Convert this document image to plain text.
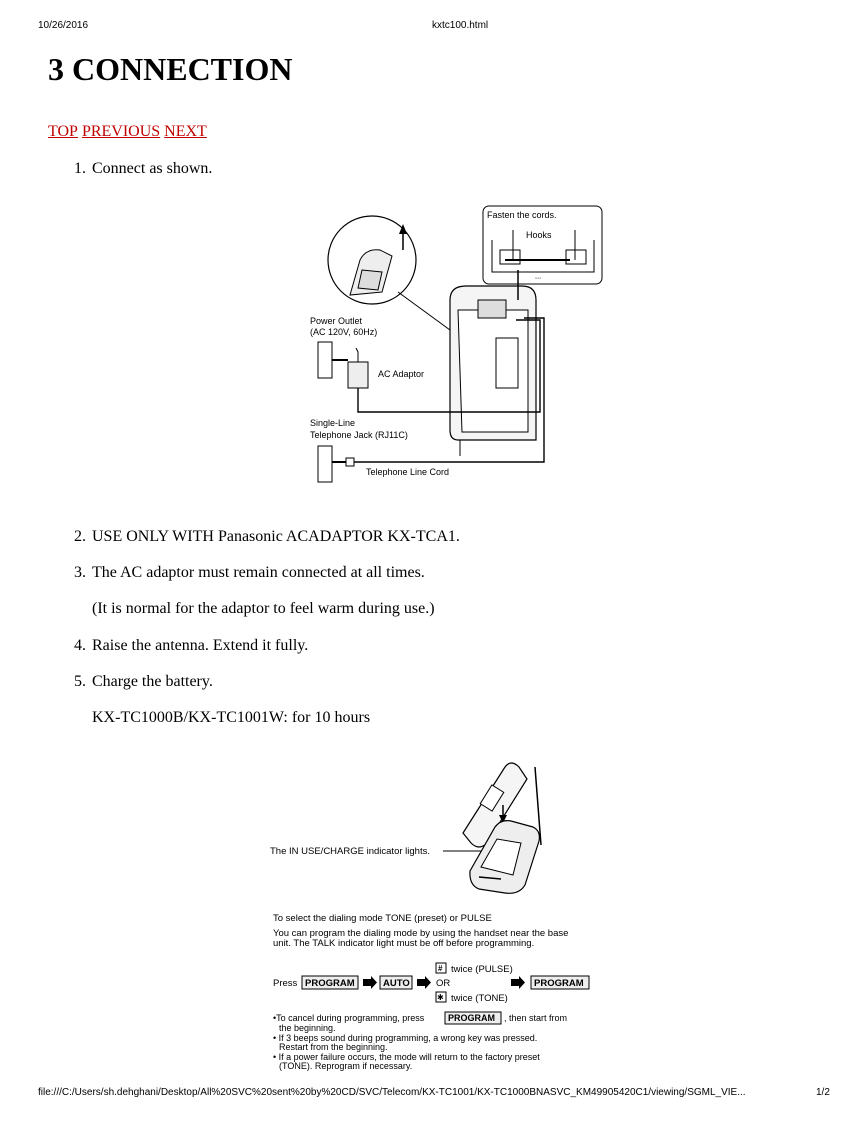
10/26/2016	kxtc100.html
3 CONNECTION
TOP PREVIOUS NEXT
1. Connect as shown.
Fasten the cords.
Hooks
◦◦◦
Power Outlet
(AC 120V, 60Hz)
AC Adaptor
Single-Line
Telephone Jack (RJ11C)
Telephone Line Cord
2. USE ONLY WITH Panasonic ACADAPTOR KX-TCA1.
3. The AC adaptor must remain connected at all times.
(It is normal for the adaptor to feel warm during use.)
4. Raise the antenna. Extend it fully.
5. Charge the battery.
KX-TC1000B/KX-TC1001W: for 10 hours
The IN USE/CHARGE indicator lights.
To select the dialing mode TONE (preset) or PULSE
You can program the dialing mode by using the handset near the base
unit. The TALK indicator light must be off before programming.
# twice (PULSE)
Press PROGRAM	AUTO	OR	PROGRAM
✱ twice (TONE)
•To cancel during programming, press	PROGRAM , then start from
the beginning.
• If 3 beeps sound during programming, a wrong key was pressed.
Restart from the beginning.
• If a power failure occurs, the mode will return to the factory preset
(TONE). Reprogram if necessary.
file:///C:/Users/sh.dehghani/Desktop/All%20SVC%20sent%20by%20CD/SVC/Telecom/KX-TC1001/KX-TC1000BNASVC_KM49905420C1/viewing/SGML_VIE...	1/2
